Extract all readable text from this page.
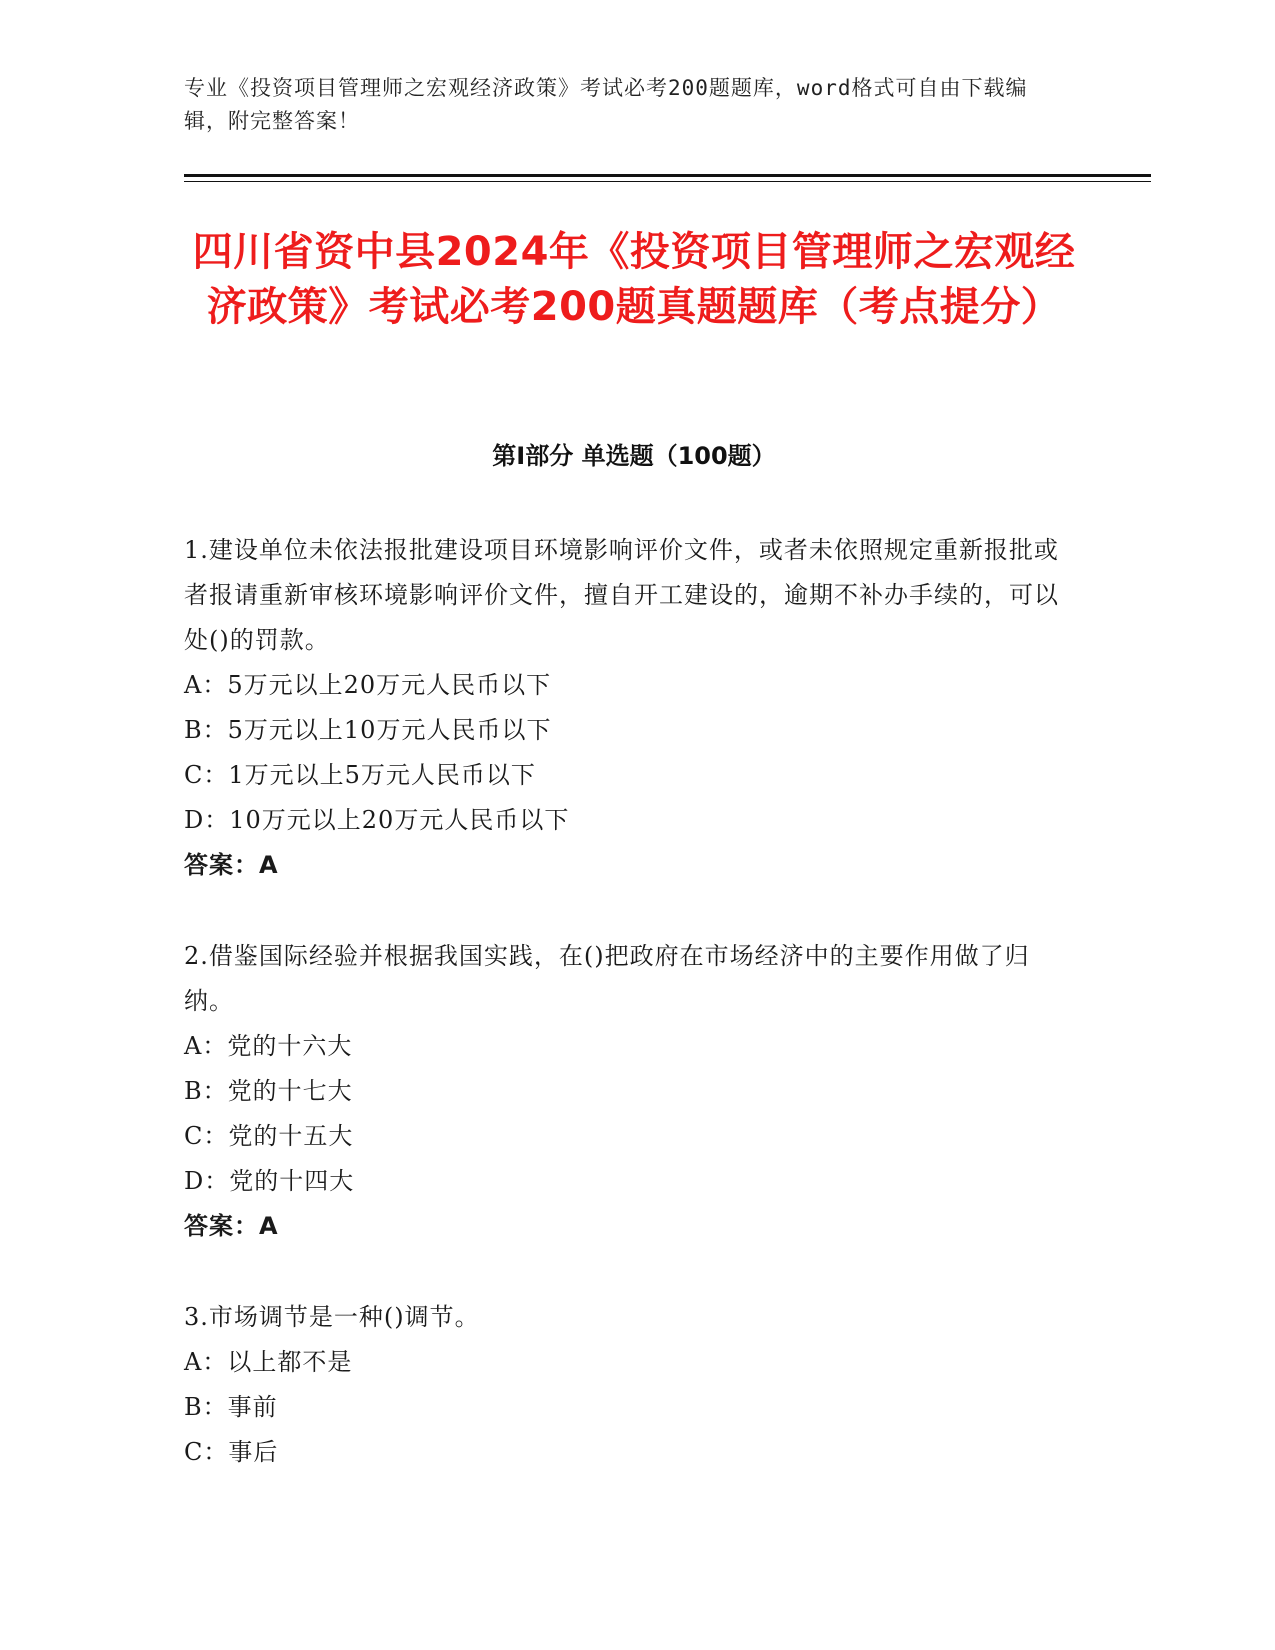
专业《投资项目管理师之宏观经济政策》考试必考200题题库，word格式可自由下载编辑，附完整答案！
四川省资中县2024年《投资项目管理师之宏观经济政策》考试必考200题真题题库（考点提分）
第I部分 单选题（100题）

1.建设单位未依法报批建设项目环境影响评价文件，或者未依照规定重新报批或者报请重新审核环境影响评价文件，擅自开工建设的，逾期不补办手续的，可以处()的罚款。

A：5万元以上20万元人民币以下

B：5万元以上10万元人民币以下

C：1万元以上5万元人民币以下

D：10万元以上20万元人民币以下

答案：A

2.借鉴国际经验并根据我国实践，在()把政府在市场经济中的主要作用做了归纳。

A：党的十六大

B：党的十七大

C：党的十五大

D：党的十四大

答案：A

3.市场调节是一种()调节。

A：以上都不是

B：事前

C：事后
